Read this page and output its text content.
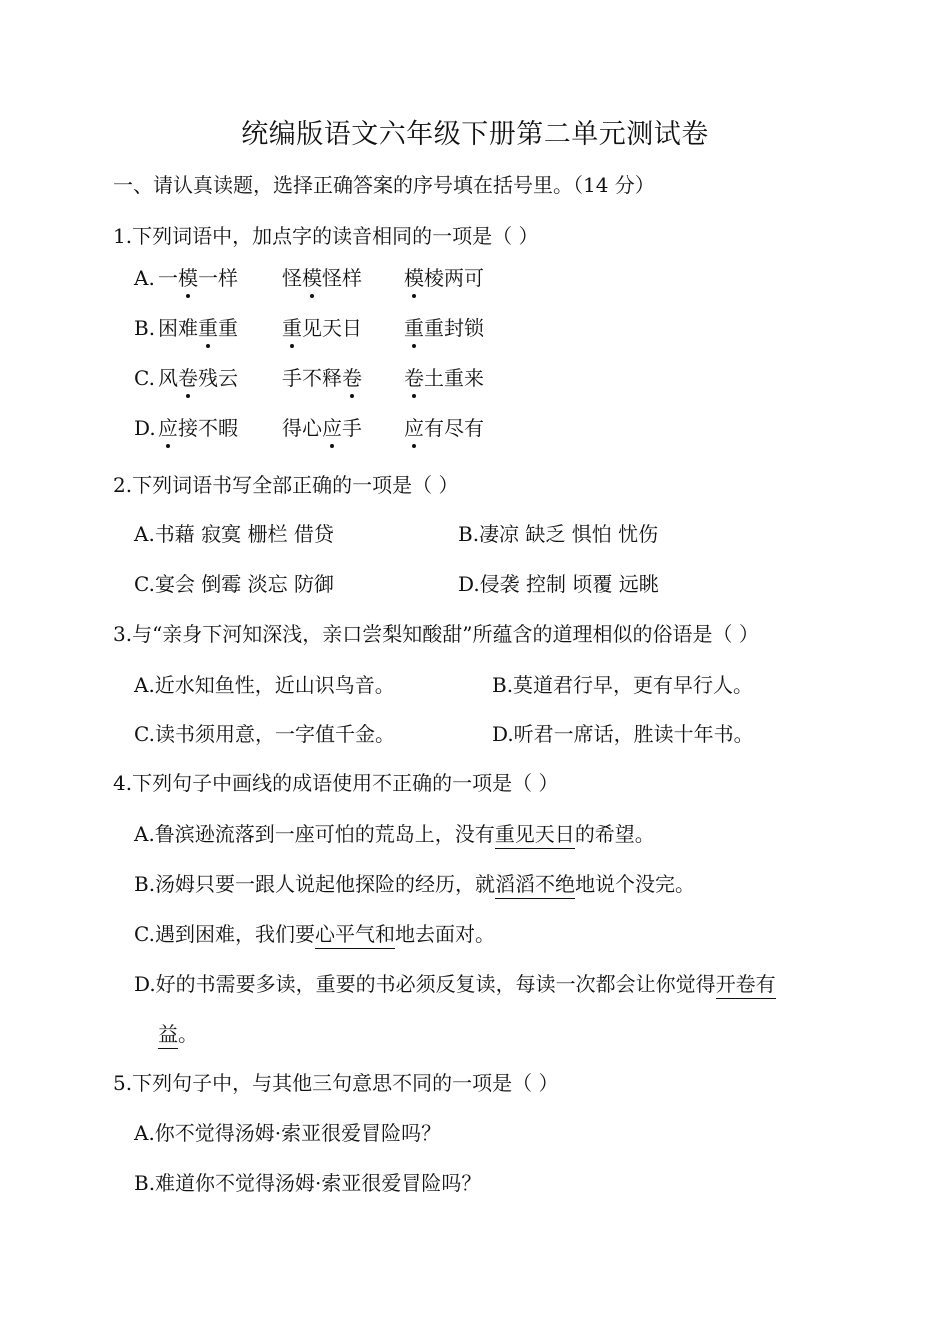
统编版语文六年级下册第二单元测试卷
一、请认真读题，选择正确答案的序号填在括号里。（14 分）
1.下列词语中，加点字的读音相同的一项是（ ）
A. 一模一样 怪模怪样 模棱两可
B. 困难重重 重见天日 重重封锁
C. 风卷残云 手不释卷 卷土重来
D. 应接不暇 得心应手 应有尽有
2.下列词语书写全部正确的一项是（ ）
A.书藉 寂寞 栅栏 借贷	B.凄凉 缺乏 惧怕 忧伤
C.宴会 倒霉 淡忘 防御	D.侵袭 控制 顷覆 远眺
3.与“亲身下河知深浅，亲口尝梨知酸甜”所蕴含的道理相似的俗语是（ ）
A.近水知鱼性，近山识鸟音。	B.莫道君行早，更有早行人。
C.读书须用意，一字值千金。	D.听君一席话，胜读十年书。
4.下列句子中画线的成语使用不正确的一项是（ ）
A.鲁滨逊流落到一座可怕的荒岛上，没有重见天日的希望。
B.汤姆只要一跟人说起他探险的经历，就滔滔不绝地说个没完。
C.遇到困难，我们要心平气和地去面对。
D.好的书需要多读，重要的书必须反复读，每读一次都会让你觉得开卷有
益。
5.下列句子中，与其他三句意思不同的一项是（ ）
A.你不觉得汤姆·索亚很爱冒险吗？
B.难道你不觉得汤姆·索亚很爱冒险吗？
